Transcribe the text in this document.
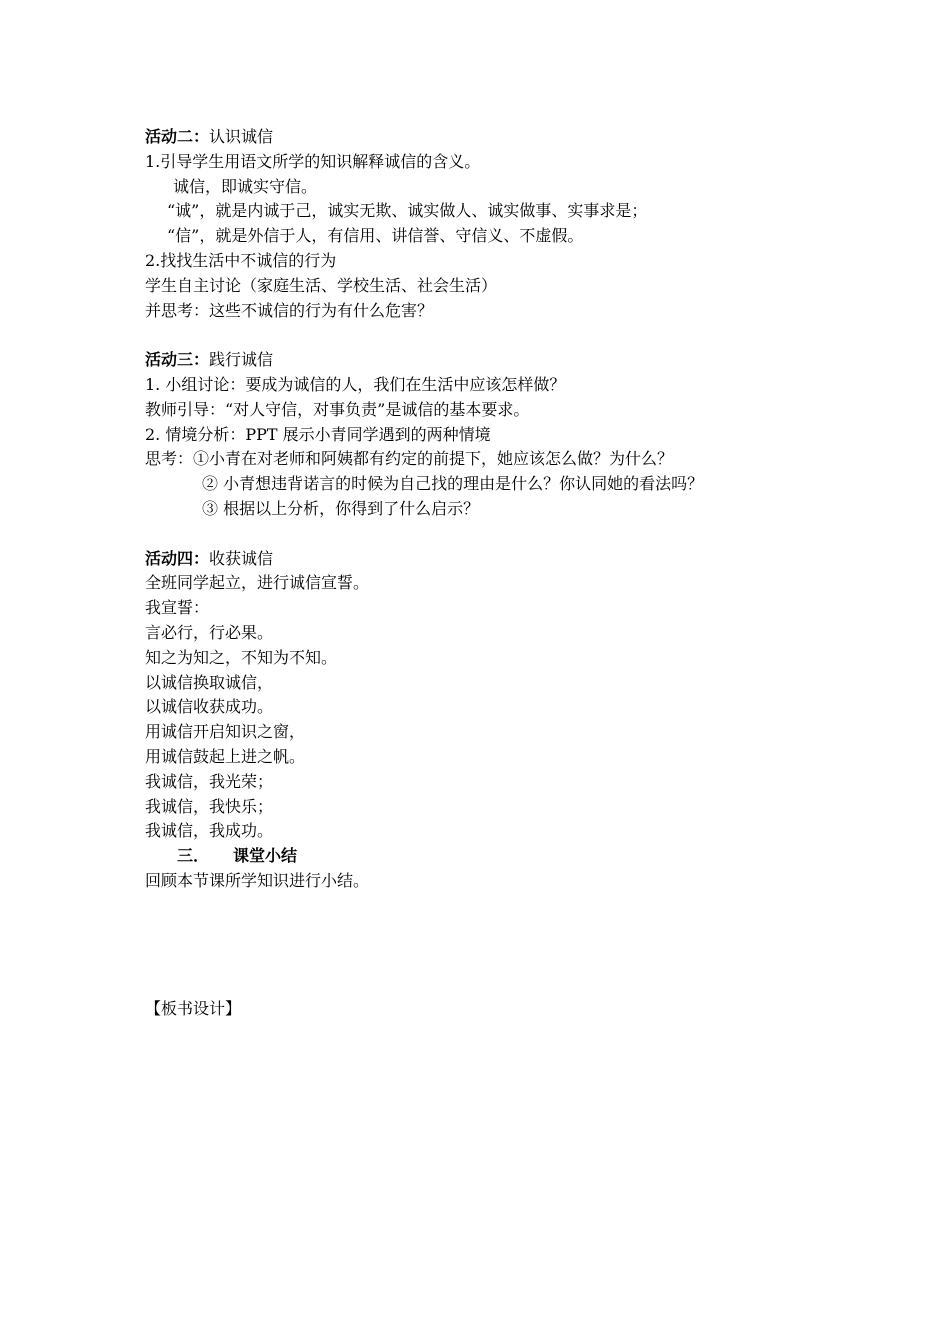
活动二：认识诚信
1.引导学生用语文所学的知识解释诚信的含义。
诚信，即诚实守信。
“诚”，就是内诚于己，诚实无欺、诚实做人、诚实做事、实事求是；
“信”，就是外信于人，有信用、讲信誉、守信义、不虚假。
2.找找生活中不诚信的行为
学生自主讨论（家庭生活、学校生活、社会生活）
并思考：这些不诚信的行为有什么危害？
活动三：践行诚信
1. 小组讨论：要成为诚信的人，我们在生活中应该怎样做？
教师引导：“对人守信，对事负责”是诚信的基本要求。
2. 情境分析：PPT 展示小青同学遇到的两种情境
思考：①小青在对老师和阿姨都有约定的前提下，她应该怎么做？为什么？
② 小青想违背诺言的时候为自己找的理由是什么？你认同她的看法吗？
③ 根据以上分析，你得到了什么启示？
活动四：收获诚信
全班同学起立，进行诚信宣誓。
我宣誓：
言必行，行必果。
知之为知之，不知为不知。
以诚信换取诚信，
以诚信收获成功。
用诚信开启知识之窗，
用诚信鼓起上进之帆。
我诚信，我光荣；
我诚信，我快乐；
我诚信，我成功。
三． 课堂小结
回顾本节课所学知识进行小结。
【板书设计】
